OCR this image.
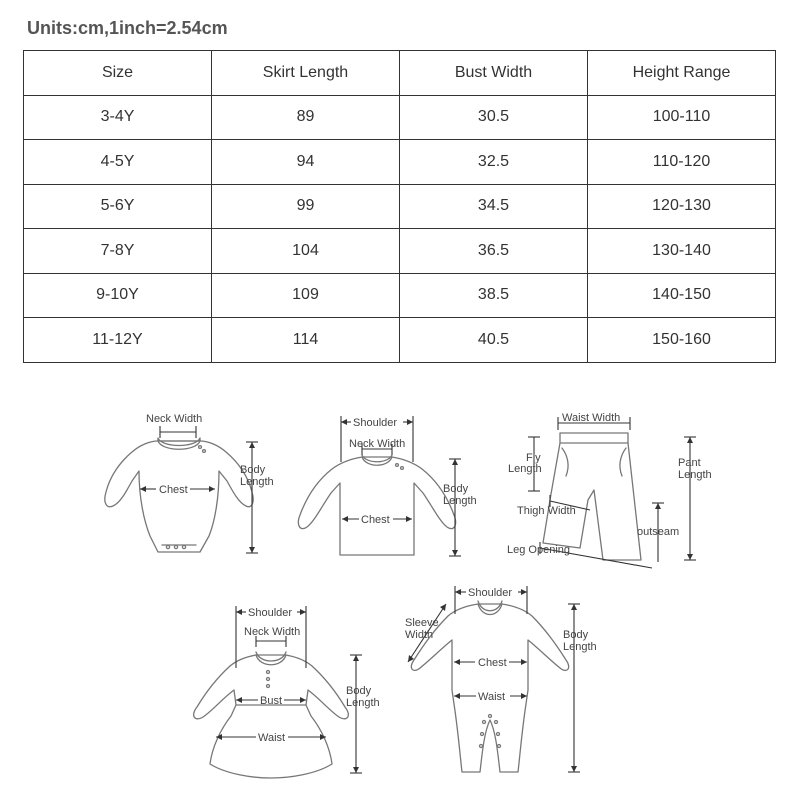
Units:cm,1inch=2.54cm
Size	Skirt Length	Bust Width	Height Range
3-4Y	89	30.5	100-110
4-5Y	94	32.5	110-120
5-6Y	99	34.5	120-130
7-8Y	104	36.5	130-140
9-10Y	109	38.5	140-150
11-12Y	114	40.5	150-160
Neck Width
Chest
Body
Length
Shoulder
Neck Width
Chest
Body
Length
Waist Width
Fly
Length	Pant
Length
Thigh Width
outseam
Leg Opening
Shoulder
Neck Width
Bust
Waist
Body
Length
Shoulder
Sleeve
Width
Chest
Waist
Body
Length
